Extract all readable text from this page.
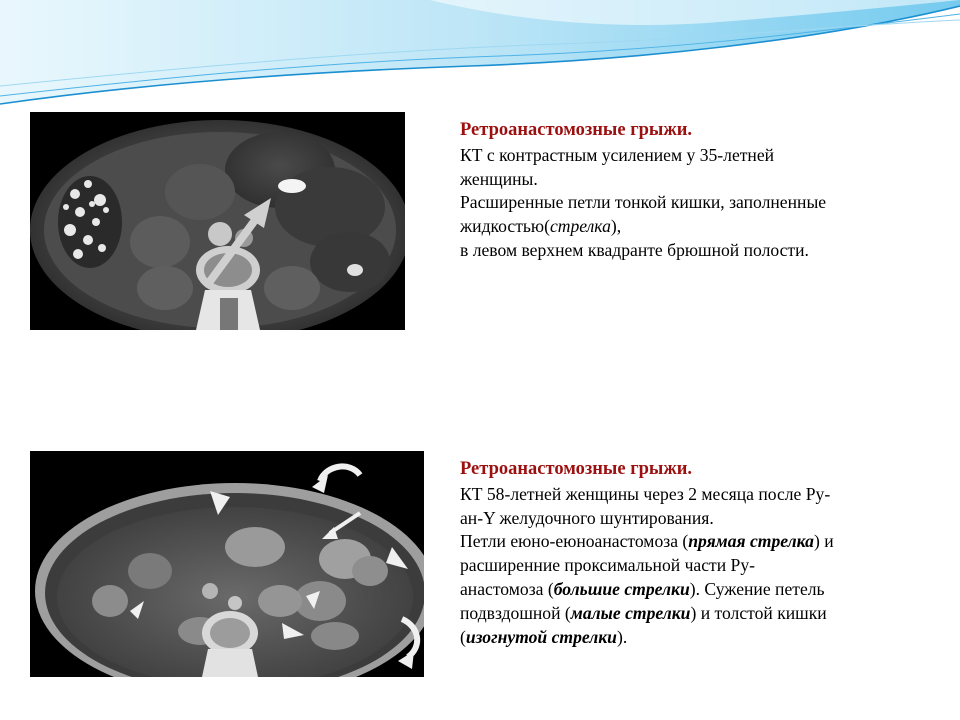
Ретроанастомозные грыжи.
КТ с контрастным усилением у 35-летней
женщины.
Расширенные петли тонкой кишки, заполненные
жидкостью(стрелка),
в левом верхнем квадранте брюшной полости.
Ретроанастомозные грыжи.
КТ 58-летней женщины через 2 месяца после Ру-
ан-Y желудочного шунтирования.
Петли еюно-еюноанастомоза (прямая стрелка) и
расширенние проксимальной части Ру-
анастомоза (большие стрелки). Сужение петель
подвздошной (малые стрелки) и толстой кишки
(изогнутой стрелки).
